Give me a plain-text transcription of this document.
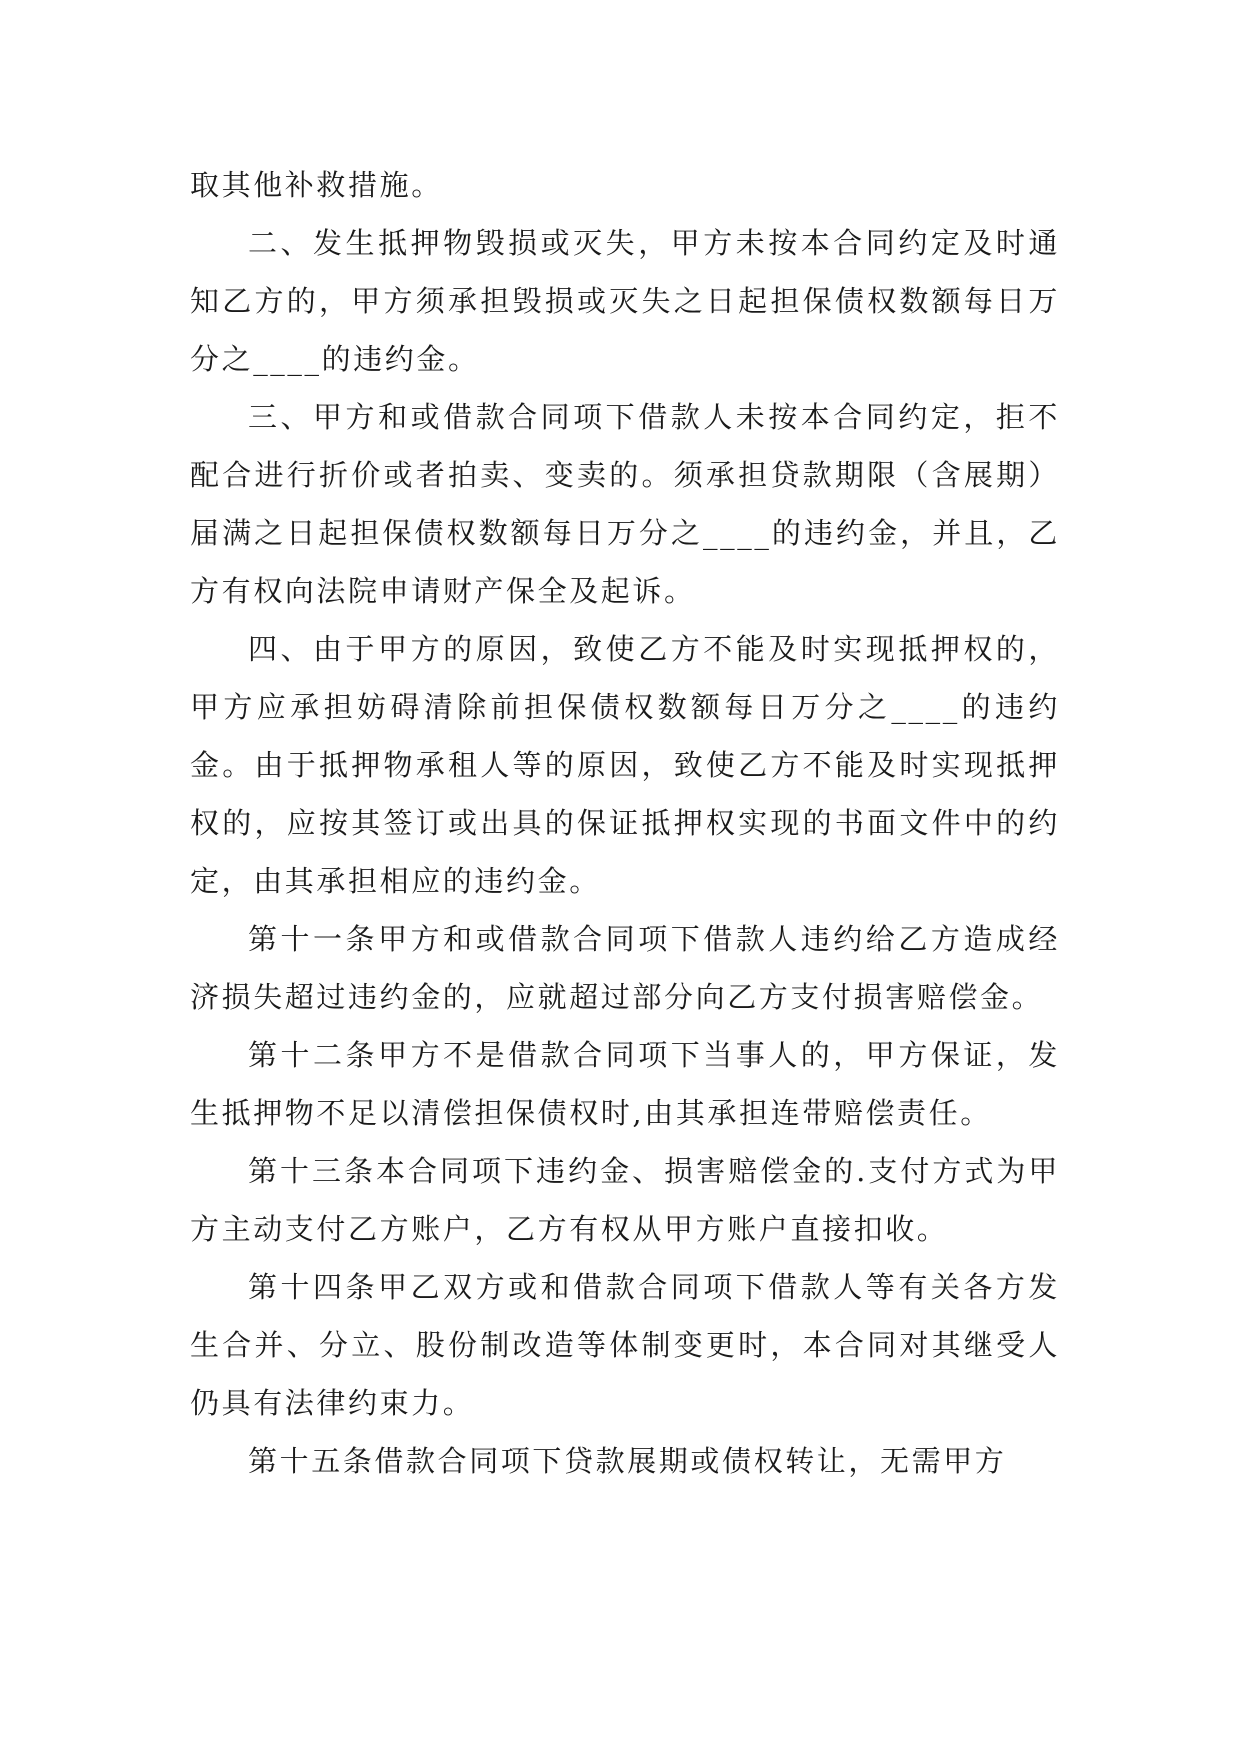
取其他补救措施。

二、发生抵押物毁损或灭失，甲方未按本合同约定及时通知乙方的，甲方须承担毁损或灭失之日起担保债权数额每日万分之____的违约金。

三、甲方和或借款合同项下借款人未按本合同约定，拒不配合进行折价或者拍卖、变卖的。须承担贷款期限（含展期）届满之日起担保债权数额每日万分之____的违约金，并且，乙方有权向法院申请财产保全及起诉。

四、由于甲方的原因，致使乙方不能及时实现抵押权的，甲方应承担妨碍清除前担保债权数额每日万分之____的违约金。由于抵押物承租人等的原因，致使乙方不能及时实现抵押权的，应按其签订或出具的保证抵押权实现的书面文件中的约定，由其承担相应的违约金。

第十一条甲方和或借款合同项下借款人违约给乙方造成经济损失超过违约金的，应就超过部分向乙方支付损害赔偿金。

第十二条甲方不是借款合同项下当事人的，甲方保证，发生抵押物不足以清偿担保债权时,由其承担连带赔偿责任。

第十三条本合同项下违约金、损害赔偿金的.支付方式为甲方主动支付乙方账户，乙方有权从甲方账户直接扣收。

第十四条甲乙双方或和借款合同项下借款人等有关各方发生合并、分立、股份制改造等体制变更时，本合同对其继受人仍具有法律约束力。

第十五条借款合同项下贷款展期或债权转让，无需甲方
